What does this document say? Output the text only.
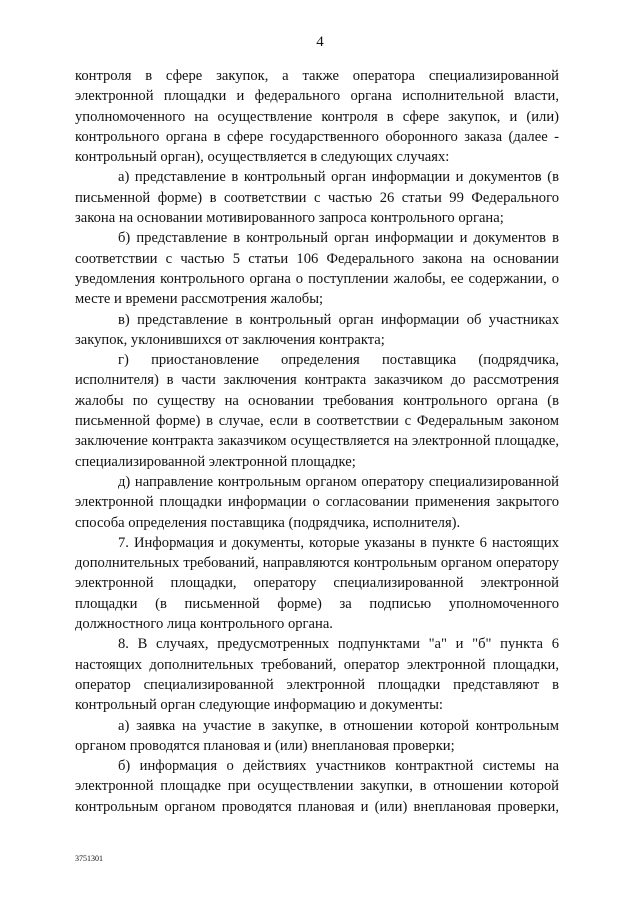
4

контроля в сфере закупок, а также оператора специализированной электронной площадки и федерального органа исполнительной власти, уполномоченного на осуществление контроля в сфере закупок, и (или) контрольного органа в сфере государственного оборонного заказа (далее - контрольный орган), осуществляется в следующих случаях:

а) представление в контрольный орган информации и документов (в письменной форме) в соответствии с частью 26 статьи 99 Федерального закона на основании мотивированного запроса контрольного органа;

б) представление в контрольный орган информации и документов в соответствии с частью 5 статьи 106 Федерального закона на основании уведомления контрольного органа о поступлении жалобы, ее содержании, о месте и времени рассмотрения жалобы;

в) представление в контрольный орган информации об участниках закупок, уклонившихся от заключения контракта;

г) приостановление определения поставщика (подрядчика, исполнителя) в части заключения контракта заказчиком до рассмотрения жалобы по существу на основании требования контрольного органа (в письменной форме) в случае, если в соответствии с Федеральным законом заключение контракта заказчиком осуществляется на электронной площадке, специализированной электронной площадке;

д) направление контрольным органом оператору специализированной электронной площадки информации о согласовании применения закрытого способа определения поставщика (подрядчика, исполнителя).

7. Информация и документы, которые указаны в пункте 6 настоящих дополнительных требований, направляются контрольным органом оператору электронной площадки, оператору специализированной электронной площадки (в письменной форме) за подписью уполномоченного должностного лица контрольного органа.

8. В случаях, предусмотренных подпунктами "а" и "б" пункта 6 настоящих дополнительных требований, оператор электронной площадки, оператор специализированной электронной площадки представляют в контрольный орган следующие информацию и документы:

а) заявка на участие в закупке, в отношении которой контрольным органом проводятся плановая и (или) внеплановая проверки;

б) информация о действиях участников контрактной системы на электронной площадке при осуществлении закупки, в отношении которой контрольным органом проводятся плановая и (или) внеплановая проверки,

3751301
